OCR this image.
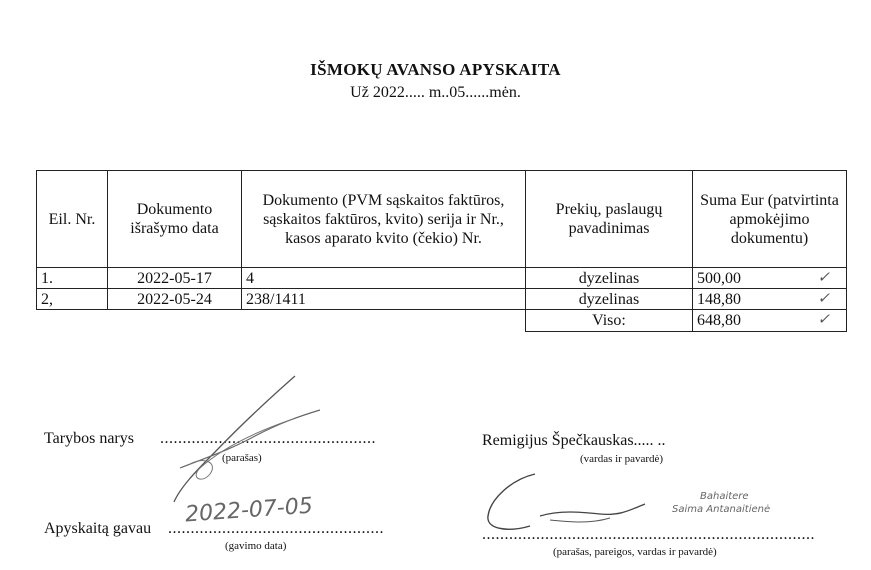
IŠMOKŲ AVANSO APYSKAITA
Už 2022..... m..05......mėn.
Eil. Nr.	Dokumento išrašymo data	Dokumento (PVM sąskaitos faktūros, sąskaitos faktūros, kvito) serija ir Nr., kasos aparato kvito (čekio) Nr.	Prekių, paslaugų pavadinimas	Suma Eur (patvirtinta apmokėjimo dokumentu)
1.	2022-05-17	4	dyzelinas	500,00 ✓

2,	2022-05-24	238/1411	dyzelinas	148,80 ✓

			Viso:	648,80 ✓
Tarybos narys ................................................
(parašas)
Apyskaitą gavau ................................................
2022-07-05
(gavimo data)
Remigijus Špečkauskas..... ..
(vardas ir pavardė)
Bahaitere
Saima Antanaitienė
..........................................................................
(parašas, pareigos, vardas ir pavardė)
